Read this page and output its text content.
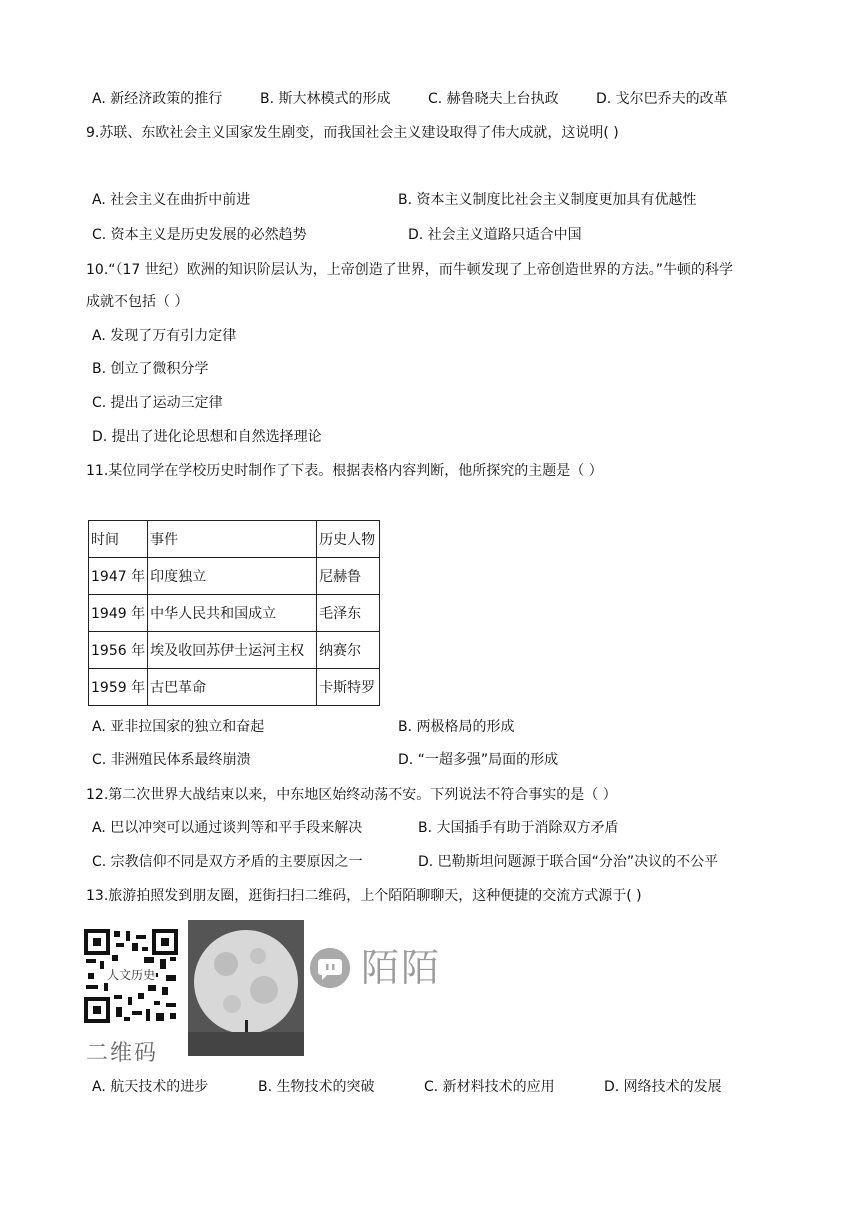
A. 新经济政策的推行	B. 斯大林模式的形成	C. 赫鲁晓夫上台执政	D. 戈尔巴乔夫的改革
9.苏联、东欧社会主义国家发生剧变，而我国社会主义建设取得了伟大成就，这说明( )
A. 社会主义在曲折中前进	B. 资本主义制度比社会主义制度更加具有优越性
C. 资本主义是历史发展的必然趋势	D. 社会主义道路只适合中国
10.“（17 世纪）欧洲的知识阶层认为，上帝创造了世界，而牛顿发现了上帝创造世界的方法。”牛顿的科学
成就不包括（ ）
A. 发现了万有引力定律
B. 创立了微积分学
C. 提出了运动三定律
D. 提出了进化论思想和自然选择理论
11.某位同学在学校历史时制作了下表。根据表格内容判断，他所探究的主题是（ ）
时间	事件	历史人物
1947 年	印度独立	尼赫鲁
1949 年	中华人民共和国成立	毛泽东
1956 年	埃及收回苏伊士运河主权	纳赛尔
1959 年	古巴革命	卡斯特罗
A. 亚非拉国家的独立和奋起	B. 两极格局的形成
C. 非洲殖民体系最终崩溃	D. “一超多强”局面的形成
12.第二次世界大战结束以来，中东地区始终动荡不安。下列说法不符合事实的是（ ）
A. 巴以冲突可以通过谈判等和平手段来解决	B. 大国插手有助于消除双方矛盾
C. 宗教信仰不同是双方矛盾的主要原因之一	D. 巴勒斯坦问题源于联合国“分治”决议的不公平
13.旅游拍照发到朋友圈，逛街扫扫二维码，上个陌陌聊聊天，这种便捷的交流方式源于( )
人文历史
二维码
陌陌
A. 航天技术的进步	B. 生物技术的突破	C. 新材料技术的应用	D. 网络技术的发展
